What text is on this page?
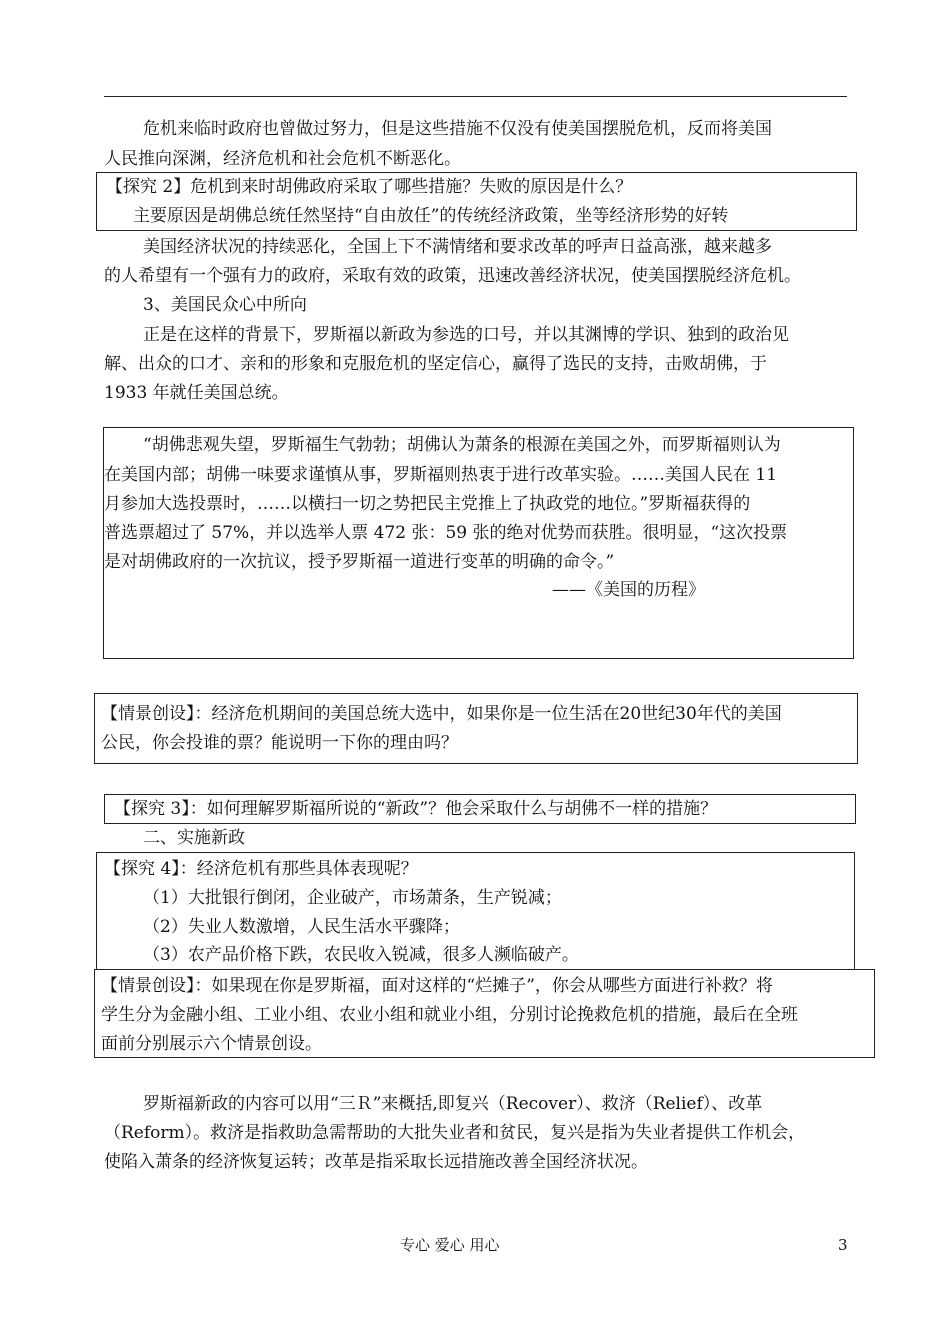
危机来临时政府也曾做过努力，但是这些措施不仅没有使美国摆脱危机，反而将美国
人民推向深渊，经济危机和社会危机不断恶化。
【探究 2】危机到来时胡佛政府采取了哪些措施？失败的原因是什么？
主要原因是胡佛总统任然坚持“自由放任”的传统经济政策，坐等经济形势的好转
美国经济状况的持续恶化，全国上下不满情绪和要求改革的呼声日益高涨，越来越多
的人希望有一个强有力的政府，采取有效的政策，迅速改善经济状况，使美国摆脱经济危机。
3、美国民众心中所向
正是在这样的背景下，罗斯福以新政为参选的口号，并以其渊博的学识、独到的政治见
解、出众的口才、亲和的形象和克服危机的坚定信心，赢得了选民的支持，击败胡佛，于
1933 年就任美国总统。
“胡佛悲观失望，罗斯福生气勃勃；胡佛认为萧条的根源在美国之外，而罗斯福则认为
在美国内部；胡佛一味要求谨慎从事，罗斯福则热衷于进行改革实验。……美国人民在 11
月参加大选投票时，……以横扫一切之势把民主党推上了执政党的地位。”罗斯福获得的
普选票超过了 57%，并以选举人票 472 张：59 张的绝对优势而获胜。很明显，“这次投票
是对胡佛政府的一次抗议，授予罗斯福一道进行变革的明确的命令。”
——《美国的历程》
【情景创设】：经济危机期间的美国总统大选中，如果你是一位生活在20世纪30年代的美国
公民，你会投谁的票？能说明一下你的理由吗？
【探究 3】：如何理解罗斯福所说的“新政”？他会采取什么与胡佛不一样的措施？
二、实施新政
【探究 4】：经济危机有那些具体表现呢？
（1）大批银行倒闭，企业破产，市场萧条，生产锐减；
（2）失业人数激增，人民生活水平骤降；
（3）农产品价格下跌，农民收入锐减，很多人濒临破产。
【情景创设】：如果现在你是罗斯福，面对这样的“烂摊子”，你会从哪些方面进行补救？将
学生分为金融小组、工业小组、农业小组和就业小组，分别讨论挽救危机的措施，最后在全班
面前分别展示六个情景创设。
罗斯福新政的内容可以用“三Ｒ”来概括,即复兴（Recover）、救济（Relief）、改革
（Reform）。救济是指救助急需帮助的大批失业者和贫民，复兴是指为失业者提供工作机会，
使陷入萧条的经济恢复运转；改革是指采取长远措施改善全国经济状况。
专心 爱心 用心	3
